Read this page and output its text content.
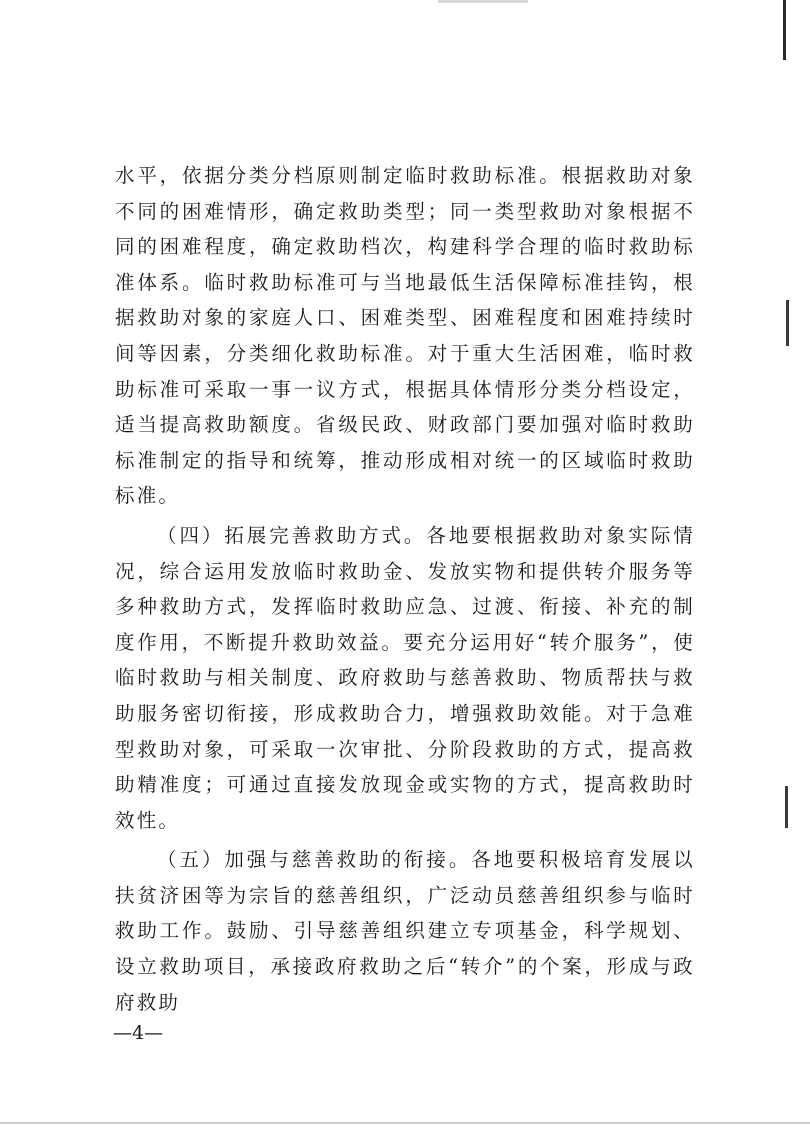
水平，依据分类分档原则制定临时救助标准。根据救助对象不同的困难情形，确定救助类型；同一类型救助对象根据不同的困难程度，确定救助档次，构建科学合理的临时救助标准体系。临时救助标准可与当地最低生活保障标准挂钩，根据救助对象的家庭人口、困难类型、困难程度和困难持续时间等因素，分类细化救助标准。对于重大生活困难，临时救助标准可采取一事一议方式，根据具体情形分类分档设定，适当提高救助额度。省级民政、财政部门要加强对临时救助标准制定的指导和统筹，推动形成相对统一的区域临时救助标准。

（四）拓展完善救助方式。各地要根据救助对象实际情况，综合运用发放临时救助金、发放实物和提供转介服务等多种救助方式，发挥临时救助应急、过渡、衔接、补充的制度作用，不断提升救助效益。要充分运用好“转介服务”，使临时救助与相关制度、政府救助与慈善救助、物质帮扶与救助服务密切衔接，形成救助合力，增强救助效能。对于急难型救助对象，可采取一次审批、分阶段救助的方式，提高救助精准度；可通过直接发放现金或实物的方式，提高救助时效性。

（五）加强与慈善救助的衔接。各地要积极培育发展以扶贫济困等为宗旨的慈善组织，广泛动员慈善组织参与临时救助工作。鼓励、引导慈善组织建立专项基金，科学规划、设立救助项目，承接政府救助之后“转介”的个案，形成与政府救助

—4—
